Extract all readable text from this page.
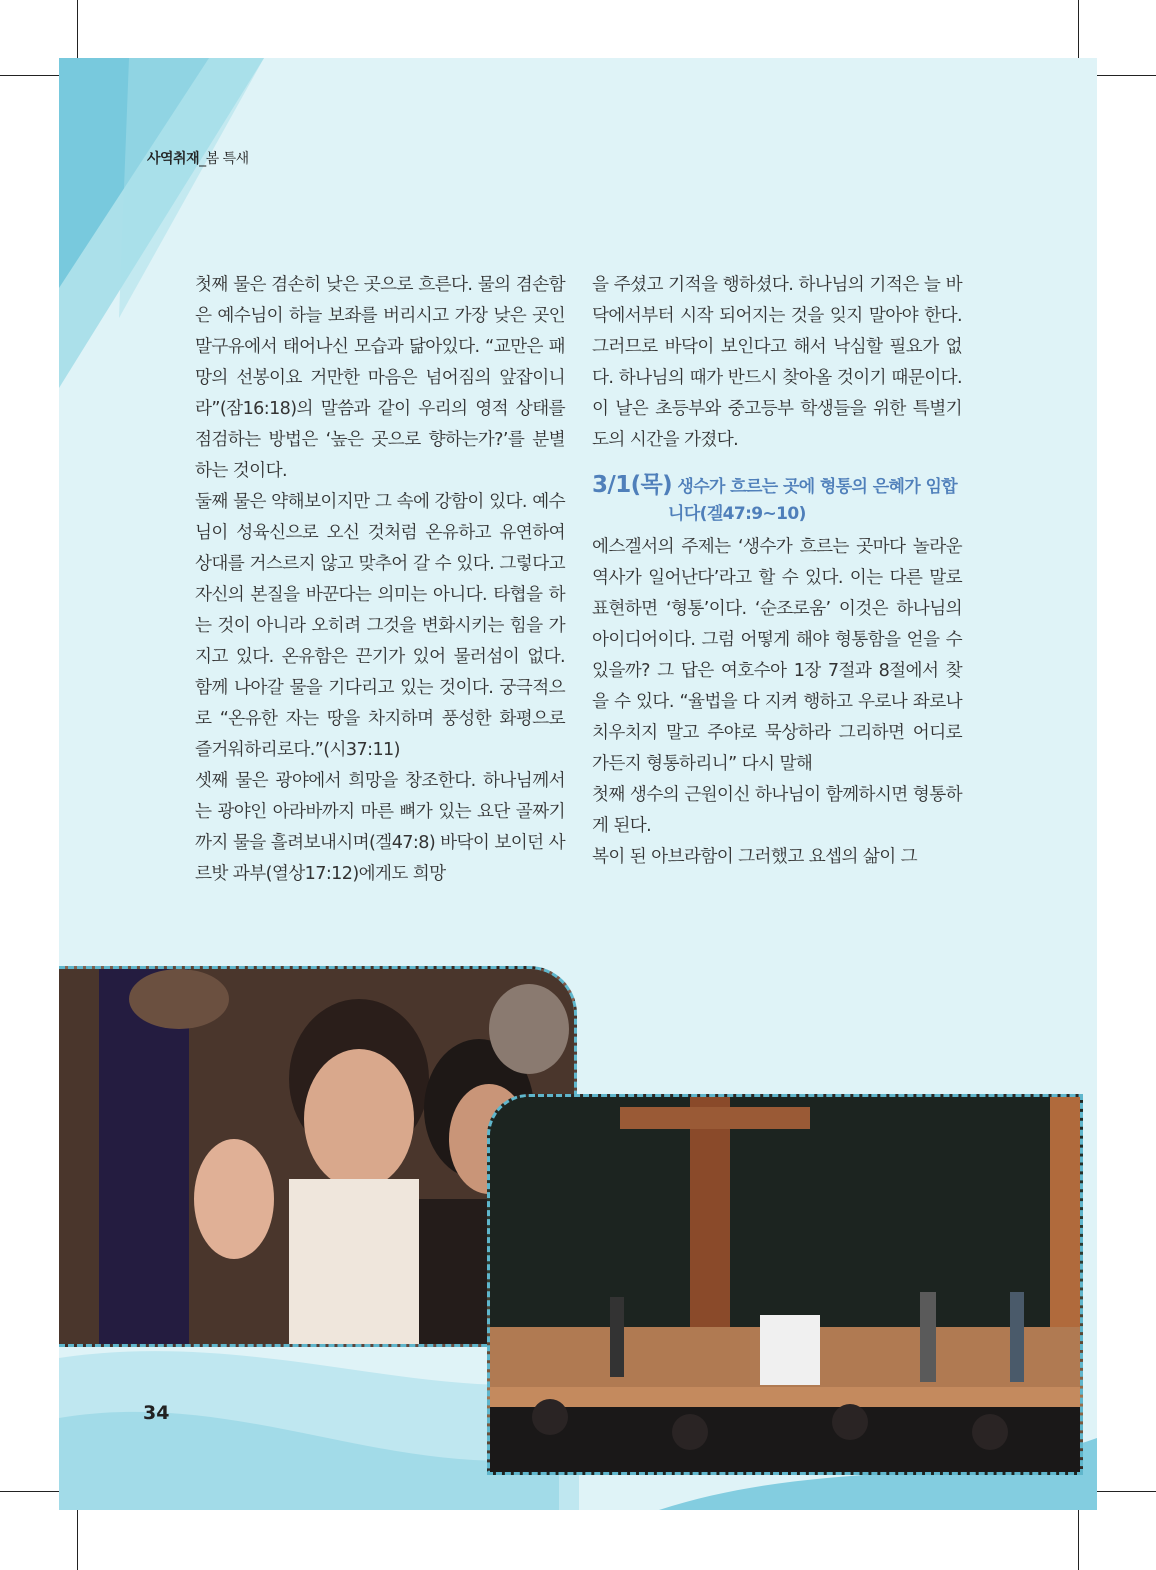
사역취재_봄 특새

첫째 물은 겸손히 낮은 곳으로 흐른다. 물의 겸손함은 예수님이 하늘 보좌를 버리시고 가장 낮은 곳인 말구유에서 태어나신 모습과 닮아있다. “교만은 패망의 선봉이요 거만한 마음은 넘어짐의 앞잡이니라”(잠16:18)의 말씀과 같이 우리의 영적 상태를 점검하는 방법은 ‘높은 곳으로 향하는가?’를 분별하는 것이다.

둘째 물은 약해보이지만 그 속에 강함이 있다. 예수님이 성육신으로 오신 것처럼 온유하고 유연하여 상대를 거스르지 않고 맞추어 갈 수 있다. 그렇다고 자신의 본질을 바꾼다는 의미는 아니다. 타협을 하는 것이 아니라 오히려 그것을 변화시키는 힘을 가지고 있다. 온유함은 끈기가 있어 물러섬이 없다. 함께 나아갈 물을 기다리고 있는 것이다. 궁극적으로 “온유한 자는 땅을 차지하며 풍성한 화평으로 즐거워하리로다.”(시37:11)

셋째 물은 광야에서 희망을 창조한다. 하나님께서는 광야인 아라바까지 마른 뼈가 있는 요단 골짜기까지 물을 흘려보내시며(겔47:8) 바닥이 보이던 사르밧 과부(열상17:12)에게도 희망

을 주셨고 기적을 행하셨다. 하나님의 기적은 늘 바닥에서부터 시작 되어지는 것을 잊지 말아야 한다. 그러므로 바닥이 보인다고 해서 낙심할 필요가 없다. 하나님의 때가 반드시 찾아올 것이기 때문이다. 이 날은 초등부와 중고등부 학생들을 위한 특별기도의 시간을 가졌다.

3/1(목) 생수가 흐르는 곳에 형통의 은혜가 임합
니다(겔47:9~10)

에스겔서의 주제는 ‘생수가 흐르는 곳마다 놀라운 역사가 일어난다’라고 할 수 있다. 이는 다른 말로 표현하면 ‘형통’이다. ‘순조로움’ 이것은 하나님의 아이디어이다. 그럼 어떻게 해야 형통함을 얻을 수 있을까? 그 답은 여호수아 1장 7절과 8절에서 찾을 수 있다. “율법을 다 지켜 행하고 우로나 좌로나 치우치지 말고 주야로 묵상하라 그리하면 어디로 가든지 형통하리니” 다시 말해

첫째 생수의 근원이신 하나님이 함께하시면 형통하게 된다.

복이 된 아브라함이 그러했고 요셉의 삶이 그

34
